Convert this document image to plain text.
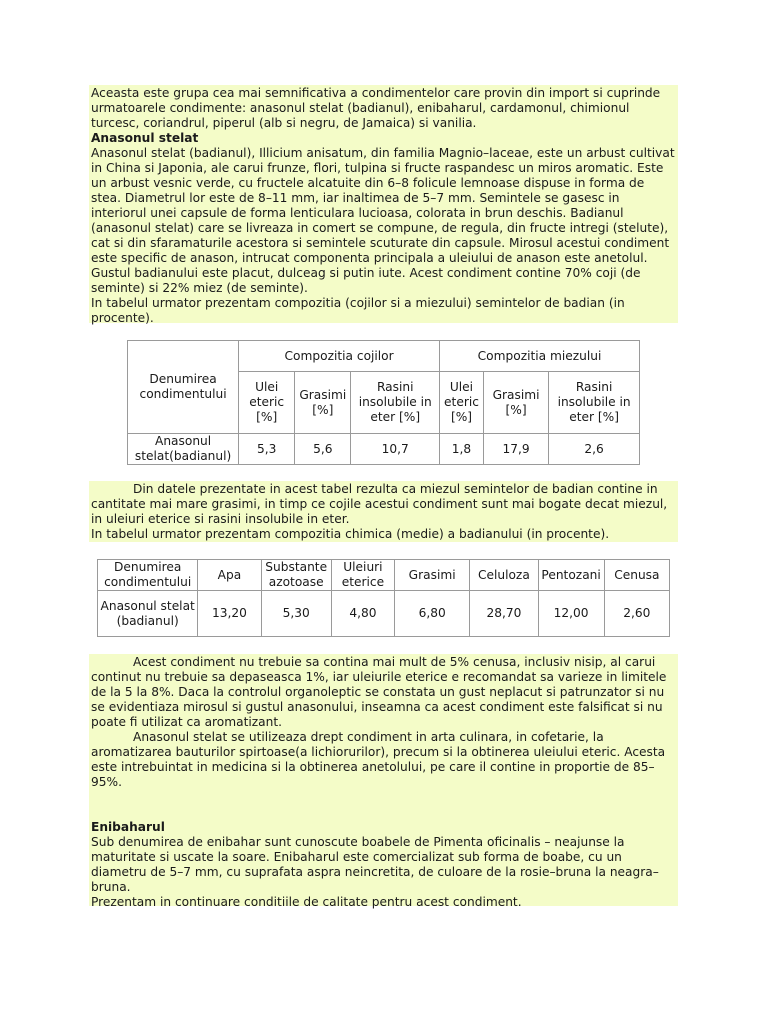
Aceasta este grupa cea mai semnificativa a condimentelor care provin din import si cuprinde urmatoarele condimente: anasonul stelat (badianul), enibaharul, cardamonul, chimionul turcesc, coriandrul, piperul (alb si negru, de Jamaica) si vanilia.

Anasonul stelat

Anasonul stelat (badianul), Illicium anisatum, din familia Magnio–laceae, este un arbust cultivat in China si Japonia, ale carui frunze, flori, tulpina si fructe raspandesc un miros aromatic. Este un arbust vesnic verde, cu fructele alcatuite din 6–8 folicule lemnoase dispuse in forma de stea. Diametrul lor este de 8–11 mm, iar inaltimea de 5–7 mm. Semintele se gasesc in interiorul unei capsule de forma lenticulara lucioasa, colorata in brun deschis. Badianul (anasonul stelat) care se livreaza in comert se compune, de regula, din fructe intregi (stelute), cat si din sfaramaturile acestora si semintele scuturate din capsule. Mirosul acestui condiment este specific de anason, intrucat componenta principala a uleiului de anason este anetolul. Gustul badianului este placut, dulceag si putin iute. Acest condiment contine 70% coji (de seminte) si 22% miez (de seminte).

In tabelul urmator prezentam compozitia (cojilor si a miezului) semintelor de badian (in procente).

Denumirea condimentului	Compozitia cojilor			Compozitia miezului		
	Ulei eteric [%]	Grasimi [%]	Rasini insolubile in eter [%]	Ulei eteric [%]	Grasimi [%]	Rasini insolubile in eter [%]
Anasonul stelat(badianul)	5,3	5,6	10,7	1,8	17,9	2,6

Din datele prezentate in acest tabel rezulta ca miezul semintelor de badian contine in cantitate mai mare grasimi, in timp ce cojile acestui condiment sunt mai bogate decat miezul, in uleiuri eterice si rasini insolubile in eter.

In tabelul urmator prezentam compozitia chimica (medie) a badianului (in procente).

Denumirea condimentului	Apa	Substante azotoase	Uleiuri eterice	Grasimi	Celuloza	Pentozani	Cenusa
Anasonul stelat (badianul)	13,20	5,30	4,80	6,80	28,70	12,00	2,60

Acest condiment nu trebuie sa contina mai mult de 5% cenusa, inclusiv nisip, al carui continut nu trebuie sa depaseasca 1%, iar uleiurile eterice e recomandat sa varieze in limitele de la 5 la 8%. Daca la controlul organoleptic se constata un gust neplacut si patrunzator si nu se evidentiaza mirosul si gustul anasonului, inseamna ca acest condiment este falsificat si nu poate fi utilizat ca aromatizant.

Anasonul stelat se utilizeaza drept condiment in arta culinara, in cofetarie, la aromatizarea bauturilor spirtoase(a lichiorurilor), precum si la obtinerea uleiului eteric. Acesta este intrebuintat in medicina si la obtinerea anetolului, pe care il contine in proportie de 85–95%.

Enibaharul

Sub denumirea de enibahar sunt cunoscute boabele de Pimenta oficinalis – neajunse la maturitate si uscate la soare. Enibaharul este comercializat sub forma de boabe, cu un diametru de 5–7 mm, cu suprafata aspra neincretita, de culoare de la rosie–bruna la neagra–bruna.

Prezentam in continuare conditiile de calitate pentru acest condiment.
